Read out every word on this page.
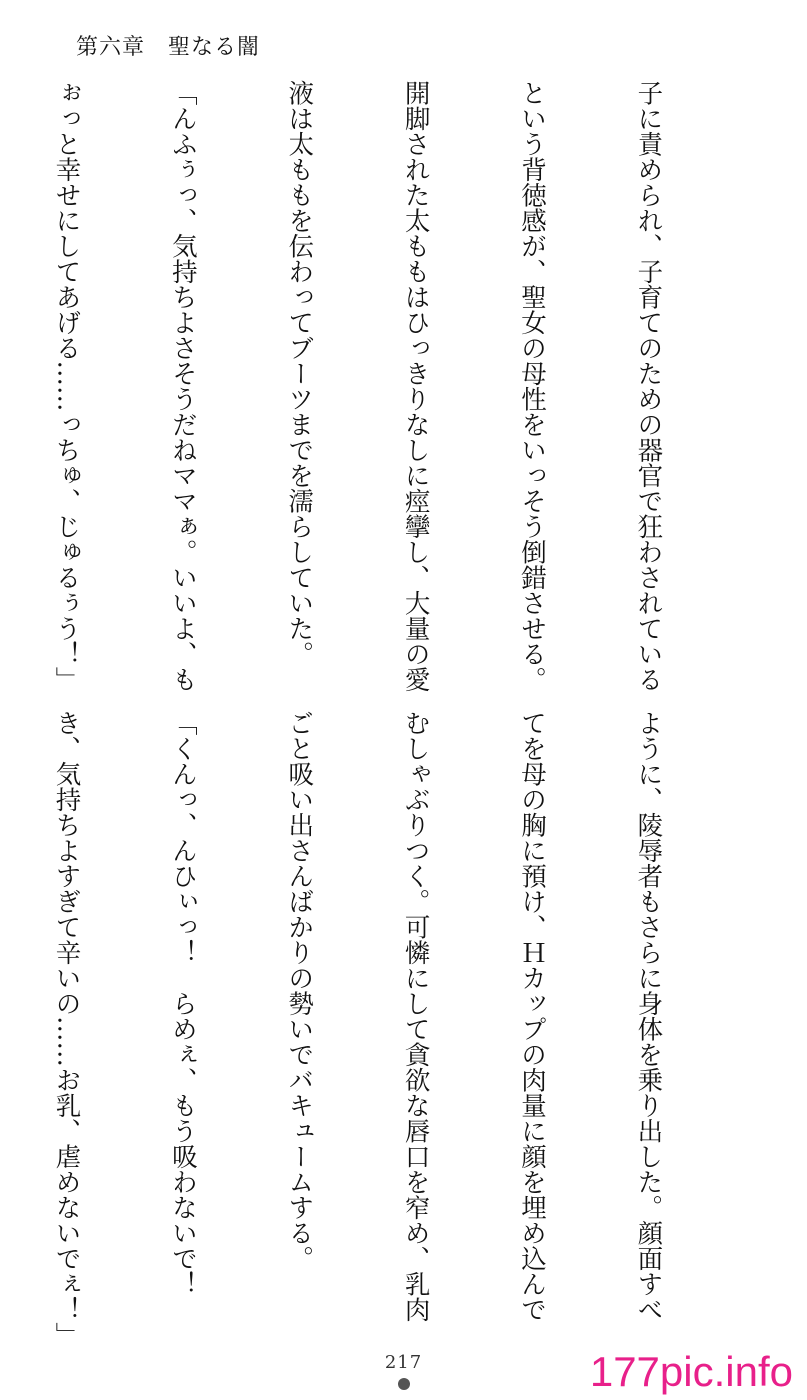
第六章　聖なる闇

子に責められ、子育てのための器官で狂わされている

という背徳感が、聖女の母性をいっそう倒錯させる。

開脚された太ももはひっきりなしに痙攣し、大量の愛

液は太ももを伝わってブーツまでを濡らしていた。

「んふぅっ、気持ちよさそうだねママぁ。いいよ、も

ぉっと幸せにしてあげる……っちゅ、じゅるぅう！」

ように、陵辱者もさらに身体を乗り出した。顔面すべ

てを母の胸に預け、Ｈカップの肉量に顔を埋め込んで

むしゃぶりつく。可憐にして貪欲な唇口を窄め、乳肉

ごと吸い出さんばかりの勢いでバキュームする。

「くんっ、んひぃっ！　らめぇ、もう吸わないで！

き、気持ちよすぎて辛いの……お乳、虐めないでぇ！」

217	177pic.info
